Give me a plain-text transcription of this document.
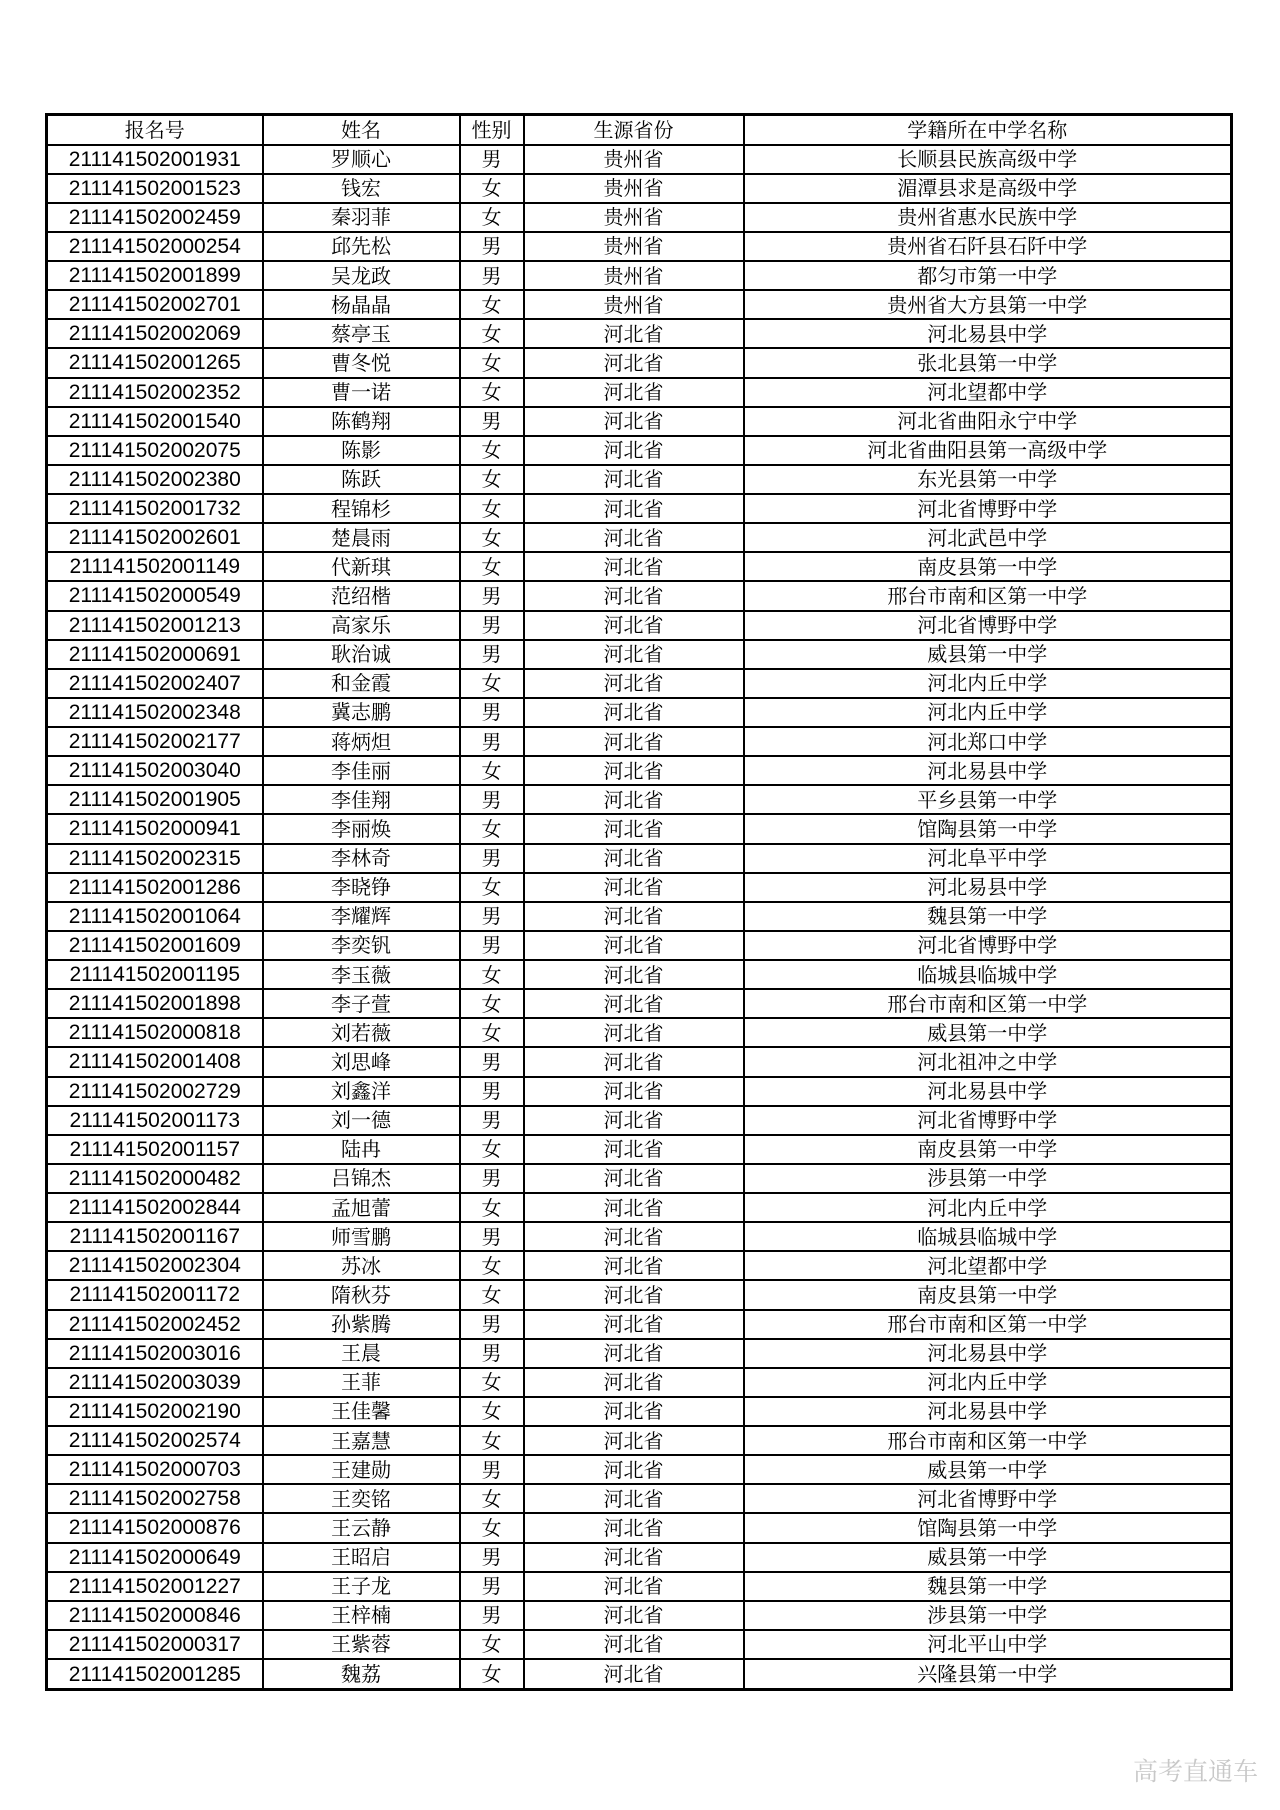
报名号	姓名	性别	生源省份	学籍所在中学名称
211141502001931	罗顺心	男	贵州省	长顺县民族高级中学
211141502001523	钱宏	女	贵州省	湄潭县求是高级中学
211141502002459	秦羽菲	女	贵州省	贵州省惠水民族中学
211141502000254	邱先松	男	贵州省	贵州省石阡县石阡中学
211141502001899	吴龙政	男	贵州省	都匀市第一中学
211141502002701	杨晶晶	女	贵州省	贵州省大方县第一中学
211141502002069	蔡亭玉	女	河北省	河北易县中学
211141502001265	曹冬悦	女	河北省	张北县第一中学
211141502002352	曹一诺	女	河北省	河北望都中学
211141502001540	陈鹤翔	男	河北省	河北省曲阳永宁中学
211141502002075	陈影	女	河北省	河北省曲阳县第一高级中学
211141502002380	陈跃	女	河北省	东光县第一中学
211141502001732	程锦杉	女	河北省	河北省博野中学
211141502002601	楚晨雨	女	河北省	河北武邑中学
211141502001149	代新琪	女	河北省	南皮县第一中学
211141502000549	范绍楷	男	河北省	邢台市南和区第一中学
211141502001213	高家乐	男	河北省	河北省博野中学
211141502000691	耿治诚	男	河北省	威县第一中学
211141502002407	和金霞	女	河北省	河北内丘中学
211141502002348	冀志鹏	男	河北省	河北内丘中学
211141502002177	蒋炳炟	男	河北省	河北郑口中学
211141502003040	李佳丽	女	河北省	河北易县中学
211141502001905	李佳翔	男	河北省	平乡县第一中学
211141502000941	李丽焕	女	河北省	馆陶县第一中学
211141502002315	李林奇	男	河北省	河北阜平中学
211141502001286	李晓铮	女	河北省	河北易县中学
211141502001064	李耀辉	男	河北省	魏县第一中学
211141502001609	李奕钒	男	河北省	河北省博野中学
211141502001195	李玉薇	女	河北省	临城县临城中学
211141502001898	李子萱	女	河北省	邢台市南和区第一中学
211141502000818	刘若薇	女	河北省	威县第一中学
211141502001408	刘思峰	男	河北省	河北祖冲之中学
211141502002729	刘鑫洋	男	河北省	河北易县中学
211141502001173	刘一德	男	河北省	河北省博野中学
211141502001157	陆冉	女	河北省	南皮县第一中学
211141502000482	吕锦杰	男	河北省	涉县第一中学
211141502002844	孟旭蕾	女	河北省	河北内丘中学
211141502001167	师雪鹏	男	河北省	临城县临城中学
211141502002304	苏冰	女	河北省	河北望都中学
211141502001172	隋秋芬	女	河北省	南皮县第一中学
211141502002452	孙紫腾	男	河北省	邢台市南和区第一中学
211141502003016	王晨	男	河北省	河北易县中学
211141502003039	王菲	女	河北省	河北内丘中学
211141502002190	王佳馨	女	河北省	河北易县中学
211141502002574	王嘉慧	女	河北省	邢台市南和区第一中学
211141502000703	王建勋	男	河北省	威县第一中学
211141502002758	王奕铭	女	河北省	河北省博野中学
211141502000876	王云静	女	河北省	馆陶县第一中学
211141502000649	王昭启	男	河北省	威县第一中学
211141502001227	王子龙	男	河北省	魏县第一中学
211141502000846	王梓楠	男	河北省	涉县第一中学
211141502000317	王紫蓉	女	河北省	河北平山中学
211141502001285	魏荔	女	河北省	兴隆县第一中学
高考直通车
